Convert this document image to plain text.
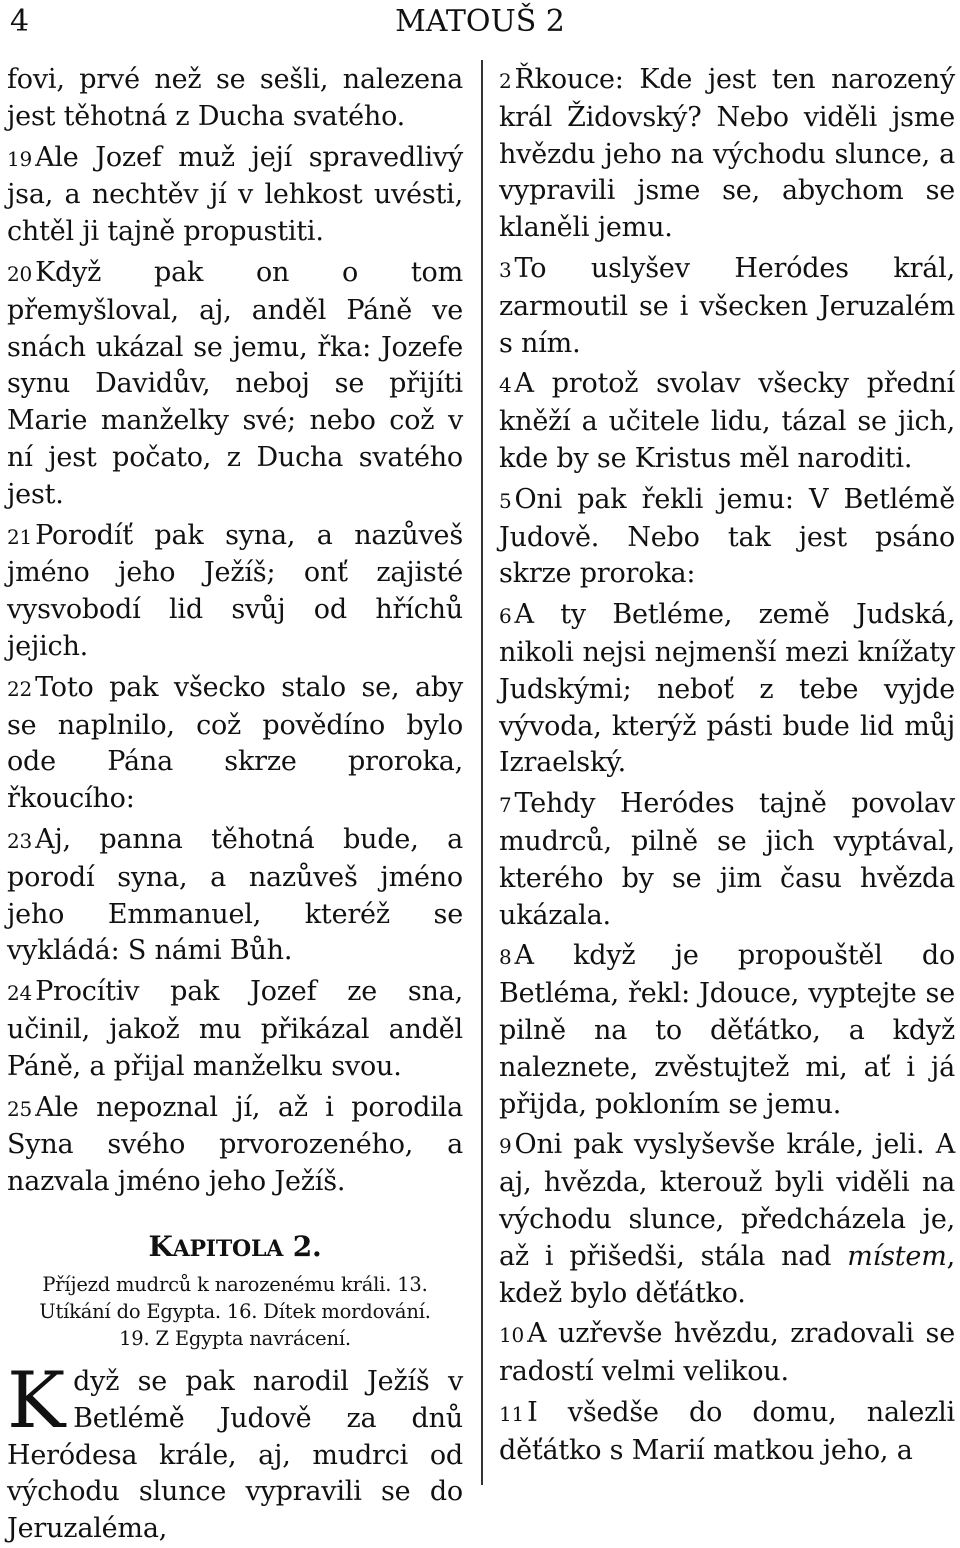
4	MATOUŠ 2
fovi, prvé než se sešli, nalezena jest těhotná z Ducha svatého.
19 Ale Jozef muž její spravedlivý jsa, a nechtěv jí v lehkost uvésti, chtěl ji tajně propustiti.
20 Když pak on o tom přemyšloval, aj, anděl Páně ve snách ukázal se jemu, řka: Jozefe synu Davidův, neboj se přijíti Marie manželky své; nebo což v ní jest počato, z Ducha svatého jest.
21 Porodíť pak syna, a nazůveš jméno jeho Ježíš; onť zajisté vysvobodí lid svůj od hříchů jejich.
22 Toto pak všecko stalo se, aby se naplnilo, což povědíno bylo ode Pána skrze proroka, řkoucího:
23 Aj, panna těhotná bude, a porodí syna, a nazůveš jméno jeho Emmanuel, kteréž se vykládá: S námi Bůh.
24 Procítiv pak Jozef ze sna, učinil, jakož mu přikázal anděl Páně, a přijal manželku svou.
25 Ale nepoznal jí, až i porodila Syna svého prvorozeného, a nazvala jméno jeho Ježíš.
KAPITOLA 2.
Příjezd mudrců k narozenému králi. 13.
Utíkání do Egypta. 16. Dítek mordování.
19. Z Egypta navrácení.
Když se pak narodil Ježíš v Betlémě Judově za dnů Heródesa krále, aj, mudrci od východu slunce vypravili se do Jeruzaléma,
2 Řkouce: Kde jest ten narozený král Židovský? Nebo viděli jsme hvězdu jeho na východu slunce, a vypravili jsme se, abychom se klaněli jemu.
3 To uslyšev Heródes král, zarmoutil se i všecken Jeruzalém s ním.
4 A protož svolav všecky přední kněží a učitele lidu, tázal se jich, kde by se Kristus měl naroditi.
5 Oni pak řekli jemu: V Betlémě Judově. Nebo tak jest psáno skrze proroka:
6 A ty Betléme, země Judská, nikoli nejsi nejmenší mezi knížaty Judskými; neboť z tebe vyjde vývoda, kterýž pásti bude lid můj Izraelský.
7 Tehdy Heródes tajně povolav mudrců, pilně se jich vyptával, kterého by se jim času hvězda ukázala.
8 A když je propouštěl do Betléma, řekl: Jdouce, vyptejte se pilně na to děťátko, a když naleznete, zvěstujtež mi, ať i já přijda, pokloním se jemu.
9 Oni pak vyslyševše krále, jeli. A aj, hvězda, kterouž byli viděli na východu slunce, předcházela je, až i přišedši, stála nad místem, kdež bylo děťátko.
10 A uzřevše hvězdu, zradovali se radostí velmi velikou.
11 I všedše do domu, nalezli děťátko s Marií matkou jeho, a
